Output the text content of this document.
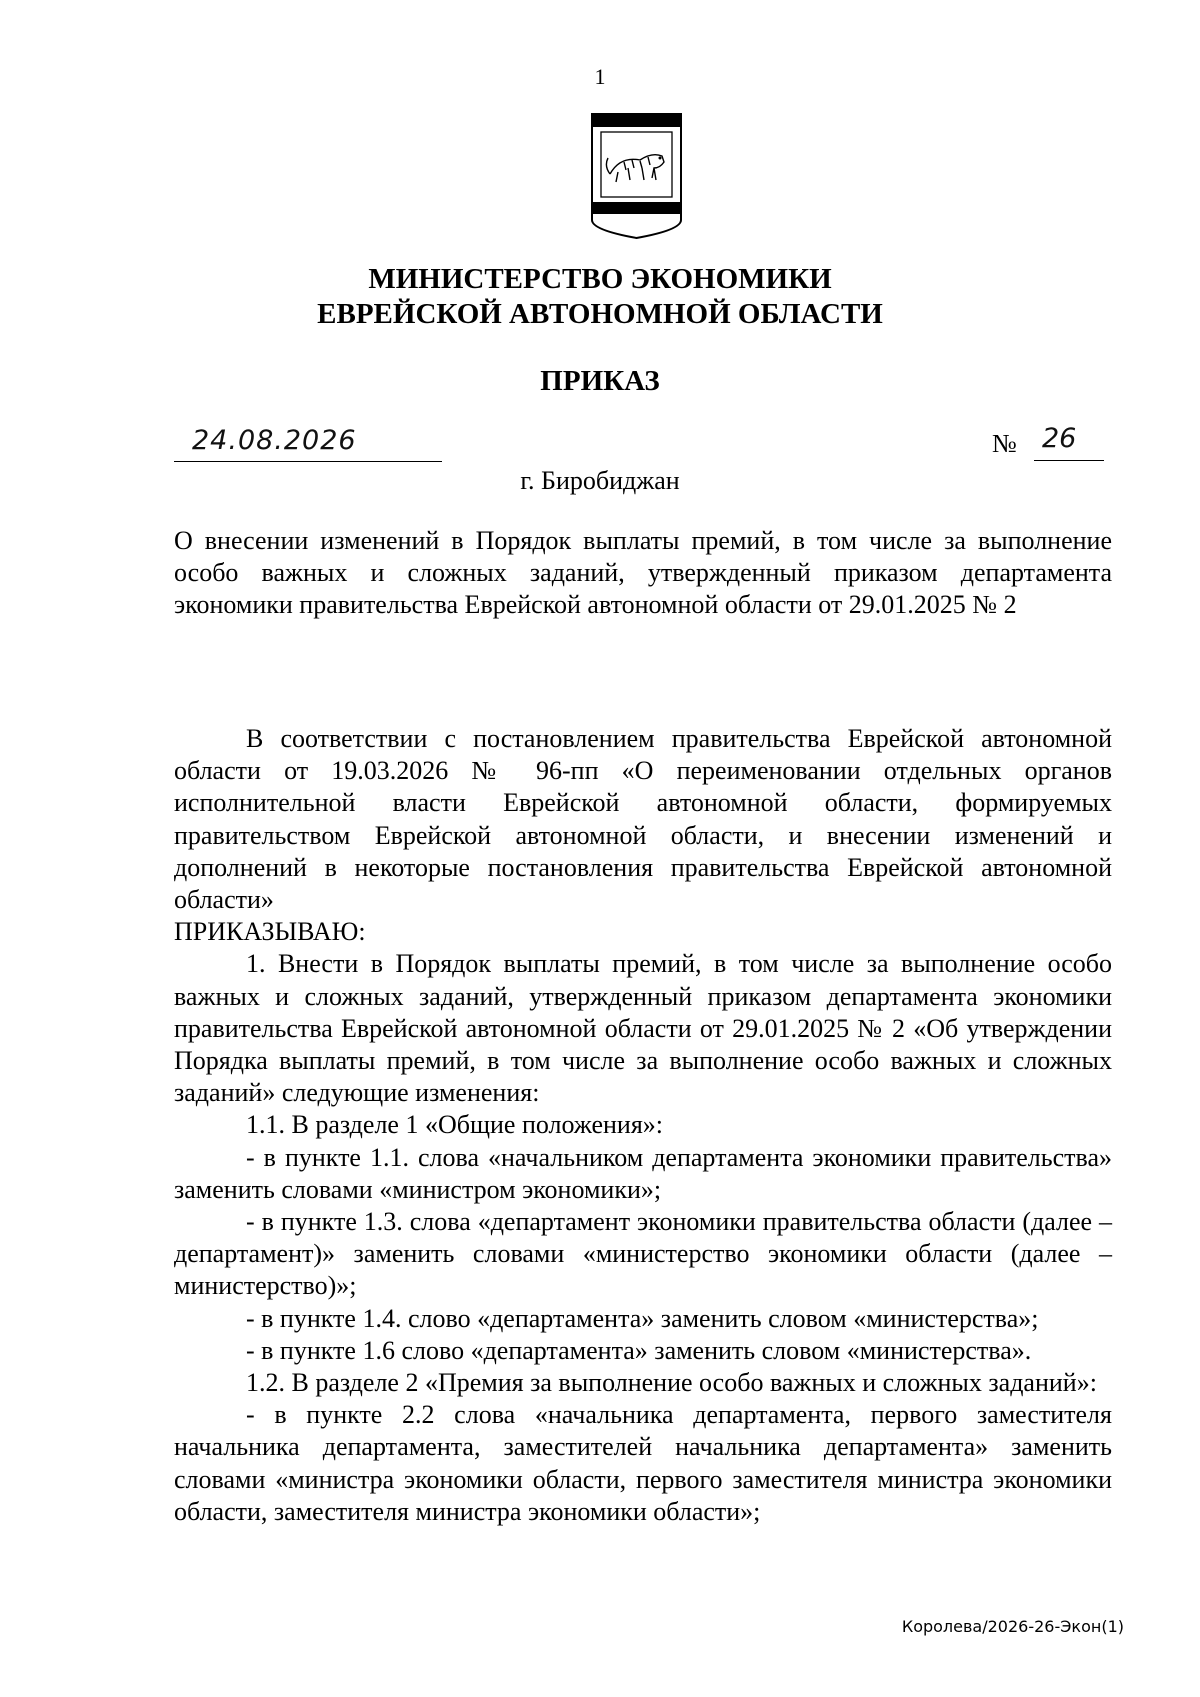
1
МИНИСТЕРСТВО ЭКОНОМИКИ
ЕВРЕЙСКОЙ АВТОНОМНОЙ ОБЛАСТИ
ПРИКАЗ
24.08.2026	№ 26
г. Биробиджан
О внесении изменений в Порядок выплаты премий, в том числе за выполнение особо важных и сложных заданий, утвержденный приказом департамента экономики правительства Еврейской автономной области от 29.01.2025 № 2

В соответствии с постановлением правительства Еврейской автономной области от 19.03.2026 № 96-пп «О переименовании отдельных органов исполнительной власти Еврейской автономной области, формируемых правительством Еврейской автономной области, и внесении изменений и дополнений в некоторые постановления правительства Еврейской автономной области»

ПРИКАЗЫВАЮ:

1. Внести в Порядок выплаты премий, в том числе за выполнение особо важных и сложных заданий, утвержденный приказом департамента экономики правительства Еврейской автономной области от 29.01.2025 № 2 «Об утверждении Порядка выплаты премий, в том числе за выполнение особо важных и сложных заданий» следующие изменения:

1.1. В разделе 1 «Общие положения»:

- в пункте 1.1. слова «начальником департамента экономики правительства» заменить словами «министром экономики»;

- в пункте 1.3. слова «департамент экономики правительства области (далее – департамент)» заменить словами «министерство экономики области (далее – министерство)»;

- в пункте 1.4. слово «департамента» заменить словом «министерства»;

- в пункте 1.6 слово «департамента» заменить словом «министерства».

1.2. В разделе 2 «Премия за выполнение особо важных и сложных заданий»:

- в пункте 2.2 слова «начальника департамента, первого заместителя начальника департамента, заместителей начальника департамента» заменить словами «министра экономики области, первого заместителя министра экономики области, заместителя министра экономики области»;

Королева/2026-26-Экон(1)
